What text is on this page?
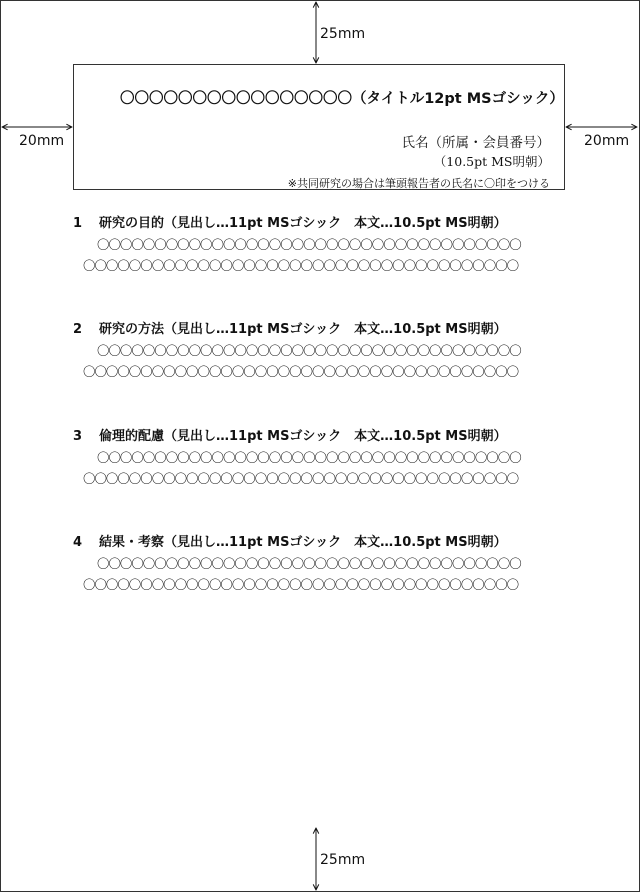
25mm
25mm
20mm	20mm
〇〇〇〇〇〇〇〇〇〇〇〇〇〇〇〇（タイトル12pt MSゴシック）
氏名（所属・会員番号）
（10.5pt MS明朝）
※共同研究の場合は筆頭報告者の氏名に〇印をつける
1 研究の目的（見出し…11pt MSゴシック　本文…10.5pt MS明朝）
〇〇〇〇〇〇〇〇〇〇〇〇〇〇〇〇〇〇〇〇〇〇〇〇〇〇〇〇〇〇〇〇〇〇〇〇〇
〇〇〇〇〇〇〇〇〇〇〇〇〇〇〇〇〇〇〇〇〇〇〇〇〇〇〇〇〇〇〇〇〇〇〇〇〇〇
2 研究の方法（見出し…11pt MSゴシック　本文…10.5pt MS明朝）
〇〇〇〇〇〇〇〇〇〇〇〇〇〇〇〇〇〇〇〇〇〇〇〇〇〇〇〇〇〇〇〇〇〇〇〇〇
〇〇〇〇〇〇〇〇〇〇〇〇〇〇〇〇〇〇〇〇〇〇〇〇〇〇〇〇〇〇〇〇〇〇〇〇〇〇
3 倫理的配慮（見出し…11pt MSゴシック　本文…10.5pt MS明朝）
〇〇〇〇〇〇〇〇〇〇〇〇〇〇〇〇〇〇〇〇〇〇〇〇〇〇〇〇〇〇〇〇〇〇〇〇〇
〇〇〇〇〇〇〇〇〇〇〇〇〇〇〇〇〇〇〇〇〇〇〇〇〇〇〇〇〇〇〇〇〇〇〇〇〇〇
4 結果・考察（見出し…11pt MSゴシック　本文…10.5pt MS明朝）
〇〇〇〇〇〇〇〇〇〇〇〇〇〇〇〇〇〇〇〇〇〇〇〇〇〇〇〇〇〇〇〇〇〇〇〇〇
〇〇〇〇〇〇〇〇〇〇〇〇〇〇〇〇〇〇〇〇〇〇〇〇〇〇〇〇〇〇〇〇〇〇〇〇〇〇
